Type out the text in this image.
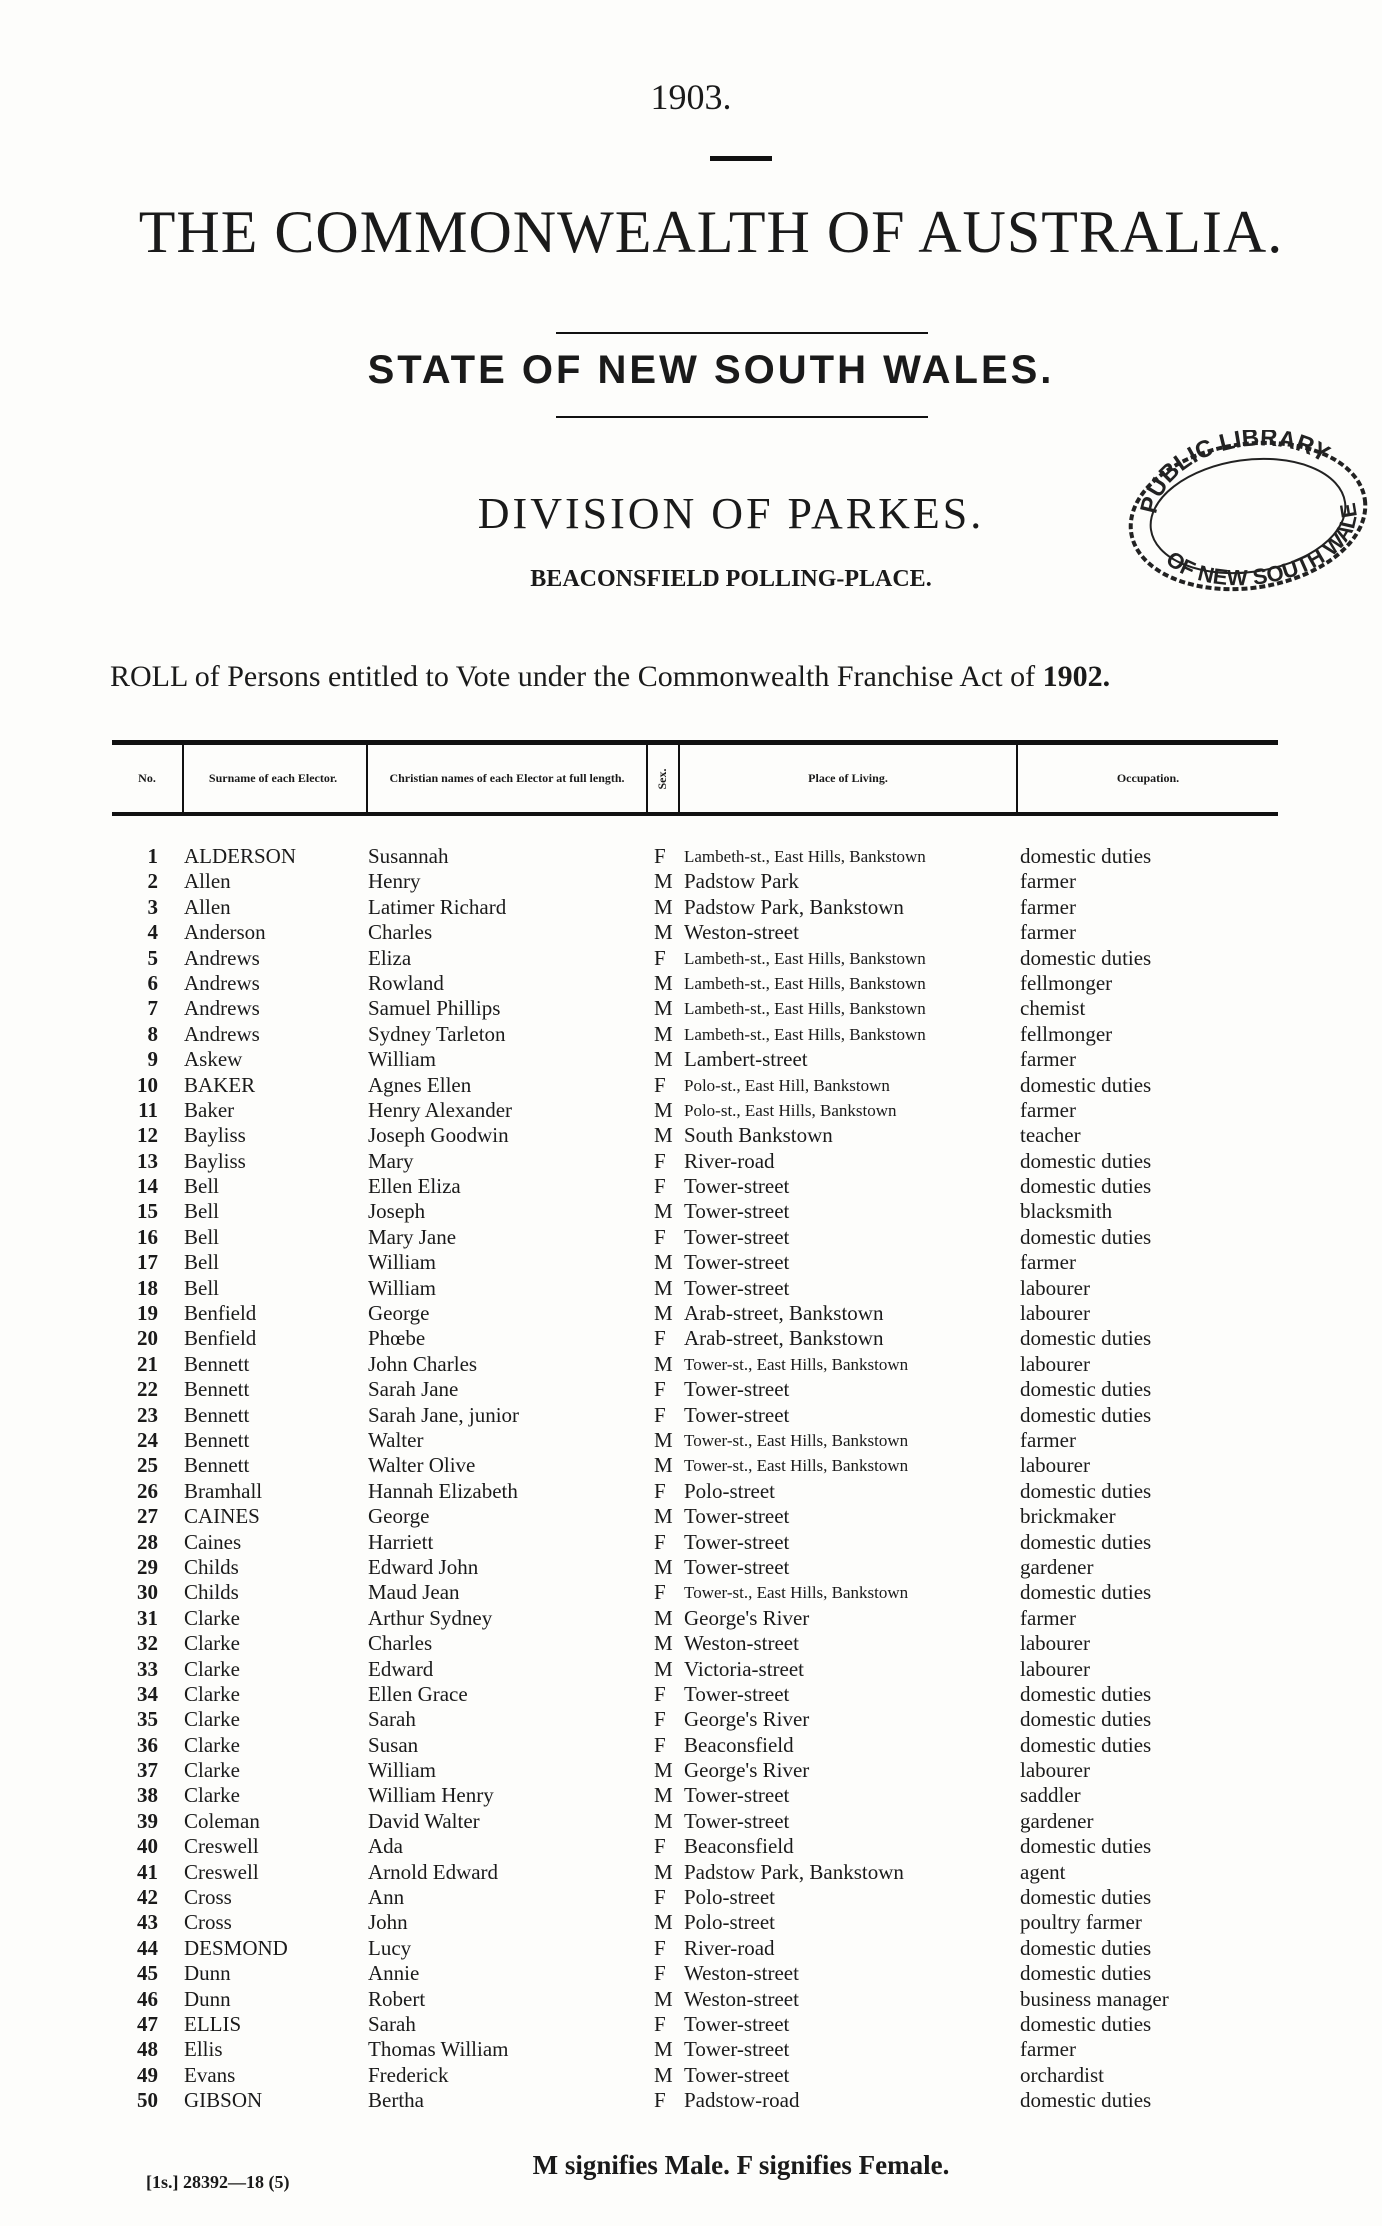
1903.
THE COMMONWEALTH OF AUSTRALIA.
STATE OF NEW SOUTH WALES.
DIVISION OF PARKES.
BEACONSFIELD POLLING-PLACE.
ROLL of Persons entitled to Vote under the Commonwealth Franchise Act of 1902.
PUBLIC LIBRARY
OF NEW SOUTH WALES
No.	Surname of each Elector.	Christian names of each Elector at full length.	Sex.	Place of Living.	Occupation.
1 ALDERSON	Susannah	F Lambeth-st., East Hills, Bankstown	domestic duties
2 Allen	Henry	M Padstow Park	farmer
3 Allen	Latimer Richard	M Padstow Park, Bankstown	farmer
4 Anderson	Charles	M Weston-street	farmer
5 Andrews	Eliza	F Lambeth-st., East Hills, Bankstown	domestic duties
6 Andrews	Rowland	M Lambeth-st., East Hills, Bankstown	fellmonger
7 Andrews	Samuel Phillips	M Lambeth-st., East Hills, Bankstown	chemist
8 Andrews	Sydney Tarleton	M Lambeth-st., East Hills, Bankstown	fellmonger
9 Askew	William	M Lambert-street	farmer
10 BAKER	Agnes Ellen	F Polo-st., East Hill, Bankstown	domestic duties
11 Baker	Henry Alexander	M Polo-st., East Hills, Bankstown	farmer
12 Bayliss	Joseph Goodwin	M South Bankstown	teacher
13 Bayliss	Mary	F River-road	domestic duties
14 Bell	Ellen Eliza	F Tower-street	domestic duties
15 Bell	Joseph	M Tower-street	blacksmith
16 Bell	Mary Jane	F Tower-street	domestic duties
17 Bell	William	M Tower-street	farmer
18 Bell	William	M Tower-street	labourer
19 Benfield	George	M Arab-street, Bankstown	labourer
20 Benfield	Phœbe	F Arab-street, Bankstown	domestic duties
21 Bennett	John Charles	M Tower-st., East Hills, Bankstown	labourer
22 Bennett	Sarah Jane	F Tower-street	domestic duties
23 Bennett	Sarah Jane, junior	F Tower-street	domestic duties
24 Bennett	Walter	M Tower-st., East Hills, Bankstown	farmer
25 Bennett	Walter Olive	M Tower-st., East Hills, Bankstown	labourer
26 Bramhall	Hannah Elizabeth	F Polo-street	domestic duties
27 CAINES	George	M Tower-street	brickmaker
28 Caines	Harriett	F Tower-street	domestic duties
29 Childs	Edward John	M Tower-street	gardener
30 Childs	Maud Jean	F Tower-st., East Hills, Bankstown	domestic duties
31 Clarke	Arthur Sydney	M George's River	farmer
32 Clarke	Charles	M Weston-street	labourer
33 Clarke	Edward	M Victoria-street	labourer
34 Clarke	Ellen Grace	F Tower-street	domestic duties
35 Clarke	Sarah	F George's River	domestic duties
36 Clarke	Susan	F Beaconsfield	domestic duties
37 Clarke	William	M George's River	labourer
38 Clarke	William Henry	M Tower-street	saddler
39 Coleman	David Walter	M Tower-street	gardener
40 Creswell	Ada	F Beaconsfield	domestic duties
41 Creswell	Arnold Edward	M Padstow Park, Bankstown	agent
42 Cross	Ann	F Polo-street	domestic duties
43 Cross	John	M Polo-street	poultry farmer
44 DESMOND	Lucy	F River-road	domestic duties
45 Dunn	Annie	F Weston-street	domestic duties
46 Dunn	Robert	M Weston-street	business manager
47 ELLIS	Sarah	F Tower-street	domestic duties
48 Ellis	Thomas William	M Tower-street	farmer
49 Evans	Frederick	M Tower-street	orchardist
50 GIBSON	Bertha	F Padstow-road	domestic duties
M signifies Male. F signifies Female.
[1s.] 28392—18 (5)
